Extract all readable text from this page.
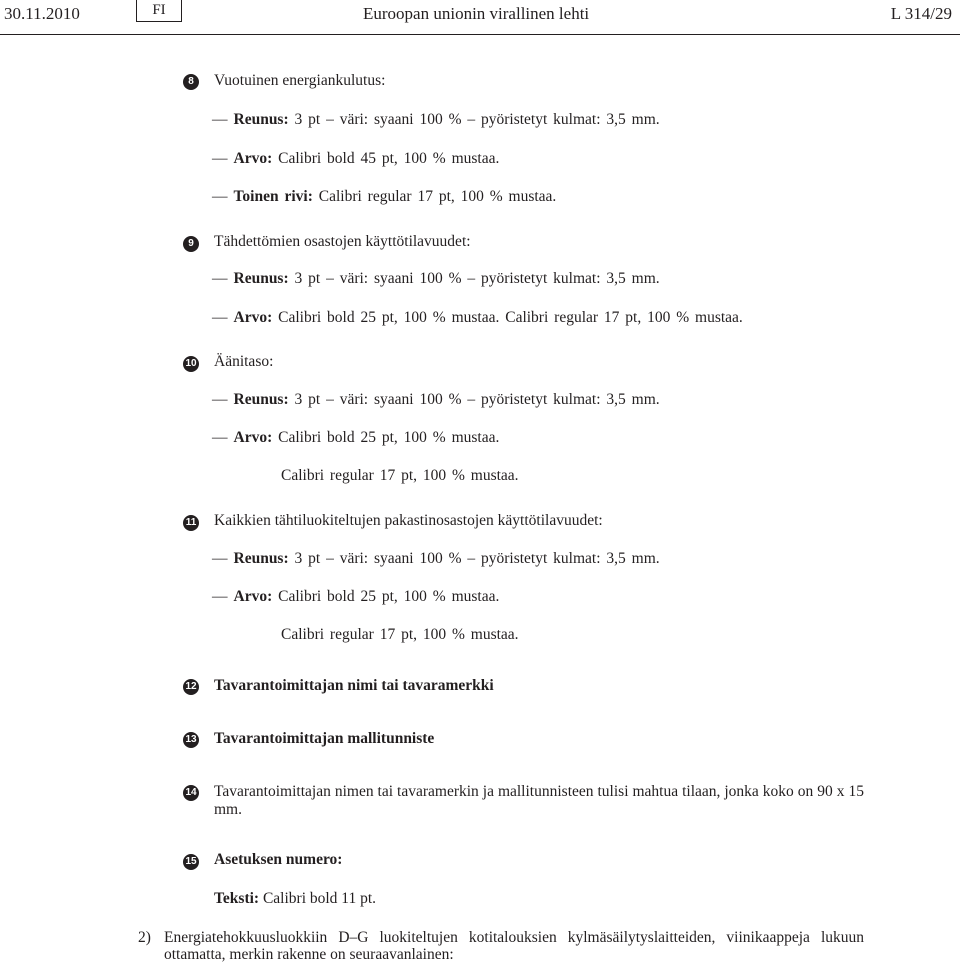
30.11.2010	FI	Euroopan unionin virallinen lehti	L 314/29
8	Vuotuinen energiankulutus:
— Reunus: 3 pt – väri: syaani 100 % – pyöristetyt kulmat: 3,5 mm.
— Arvo: Calibri bold 45 pt, 100 % mustaa.
— Toinen rivi: Calibri regular 17 pt, 100 % mustaa.
9	Tähdettömien osastojen käyttötilavuudet:
— Reunus: 3 pt – väri: syaani 100 % – pyöristetyt kulmat: 3,5 mm.
— Arvo: Calibri bold 25 pt, 100 % mustaa. Calibri regular 17 pt, 100 % mustaa.
10 Äänitaso:
— Reunus: 3 pt – väri: syaani 100 % – pyöristetyt kulmat: 3,5 mm.
— Arvo: Calibri bold 25 pt, 100 % mustaa.
Calibri regular 17 pt, 100 % mustaa.
11 Kaikkien tähtiluokiteltujen pakastinosastojen käyttötilavuudet:
— Reunus: 3 pt – väri: syaani 100 % – pyöristetyt kulmat: 3,5 mm.
— Arvo: Calibri bold 25 pt, 100 % mustaa.
Calibri regular 17 pt, 100 % mustaa.
12 Tavarantoimittajan nimi tai tavaramerkki
13 Tavarantoimittajan mallitunniste
14 Tavarantoimittajan nimen tai tavaramerkin ja mallitunnisteen tulisi mahtua tilaan, jonka koko on 90 x 15 mm.
15 Asetuksen numero:
Teksti: Calibri bold 11 pt.
2) Energiatehokkuusluokkiin D–G luokiteltujen kotitalouksien kylmäsäilytyslaitteiden, viinikaappeja lukuun ottamatta, merkin rakenne on seuraavanlainen:
